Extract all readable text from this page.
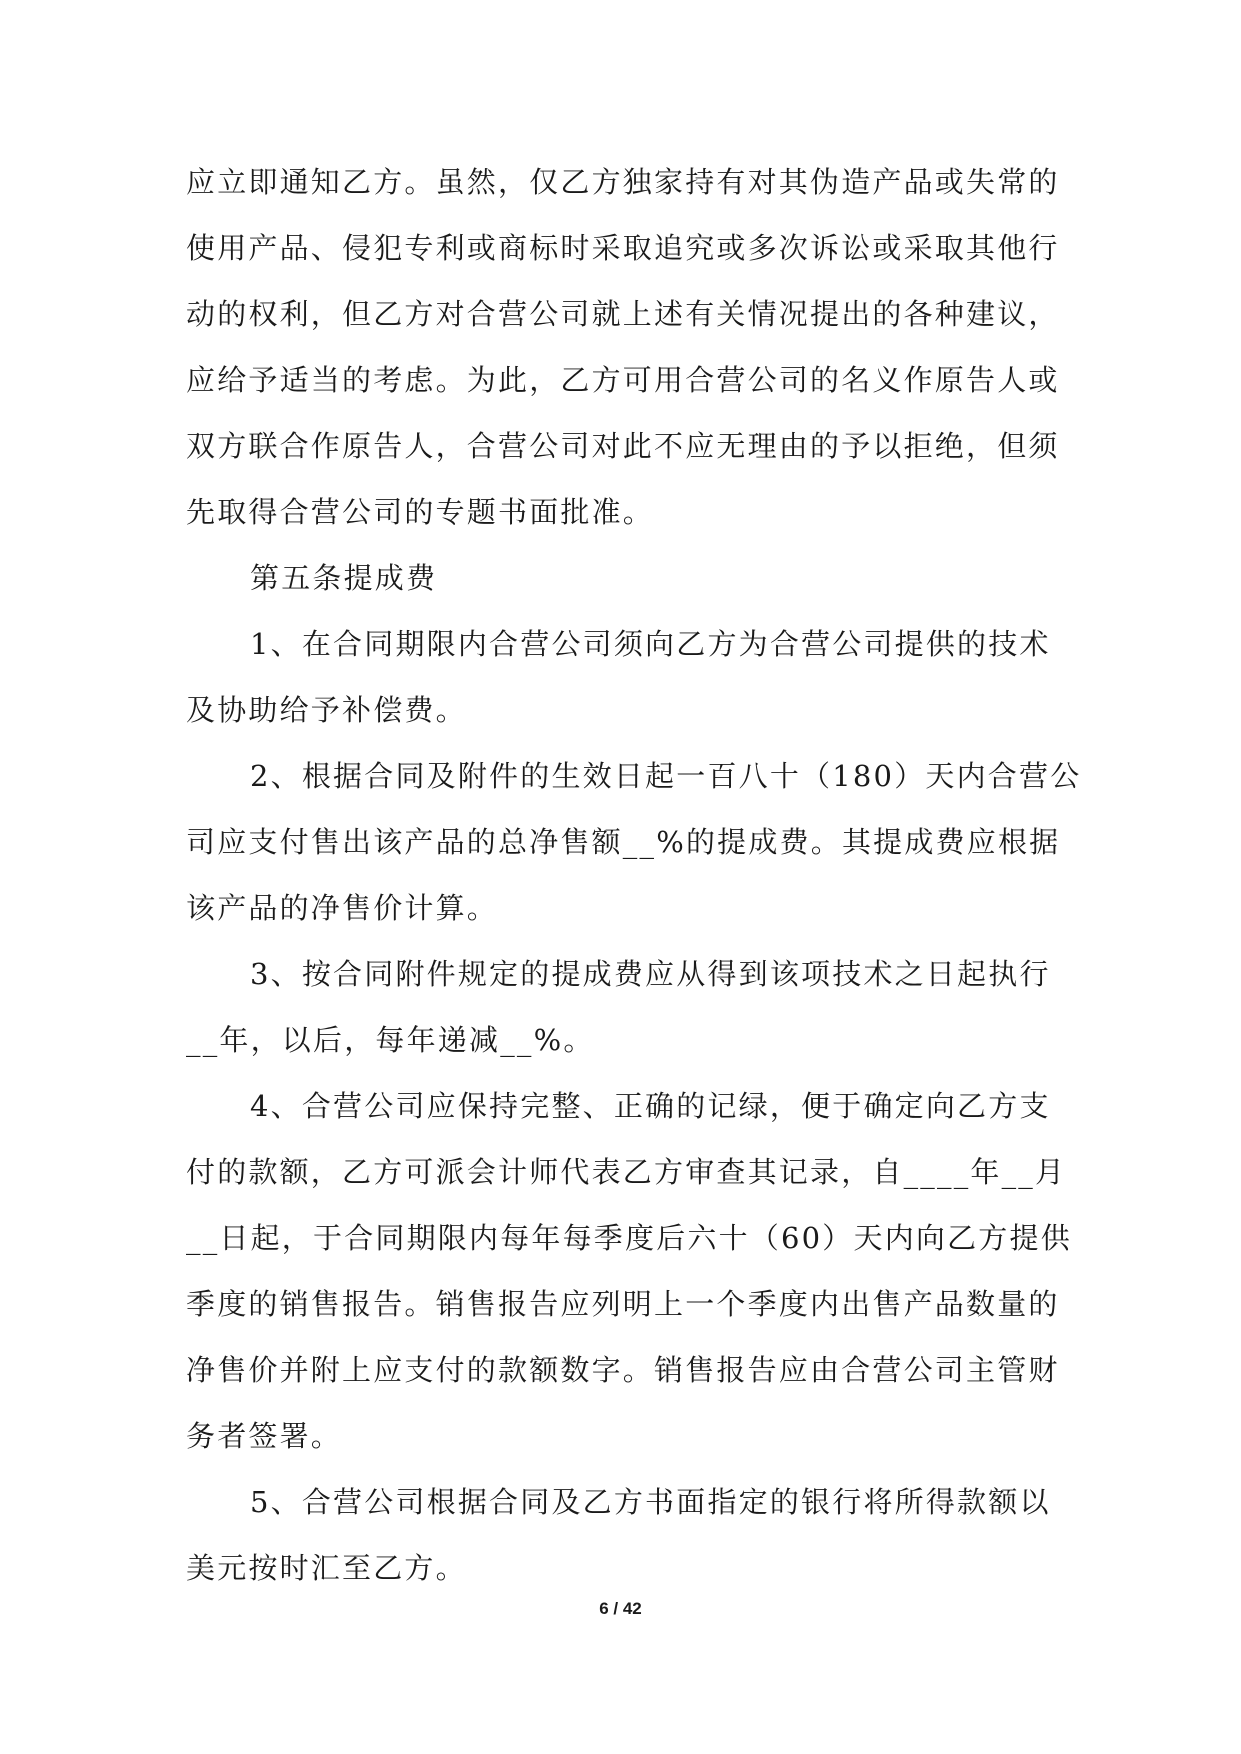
应立即通知乙方。虽然，仅乙方独家持有对其伪造产品或失常的
使用产品、侵犯专利或商标时采取追究或多次诉讼或采取其他行
动的权利，但乙方对合营公司就上述有关情况提出的各种建议，
应给予适当的考虑。为此，乙方可用合营公司的名义作原告人或
双方联合作原告人，合营公司对此不应无理由的予以拒绝，但须
先取得合营公司的专题书面批准。
第五条提成费
1、在合同期限内合营公司须向乙方为合营公司提供的技术
及协助给予补偿费。
2、根据合同及附件的生效日起一百八十（180）天内合营公
司应支付售出该产品的总净售额__%的提成费。其提成费应根据
该产品的净售价计算。
3、按合同附件规定的提成费应从得到该项技术之日起执行
__年，以后，每年递减__%。
4、合营公司应保持完整、正确的记绿，便于确定向乙方支
付的款额，乙方可派会计师代表乙方审查其记录，自____年__月
__日起，于合同期限内每年每季度后六十（60）天内向乙方提供
季度的销售报告。销售报告应列明上一个季度内出售产品数量的
净售价并附上应支付的款额数字。销售报告应由合营公司主管财
务者签署。
5、合营公司根据合同及乙方书面指定的银行将所得款额以
美元按时汇至乙方。
6 / 42
